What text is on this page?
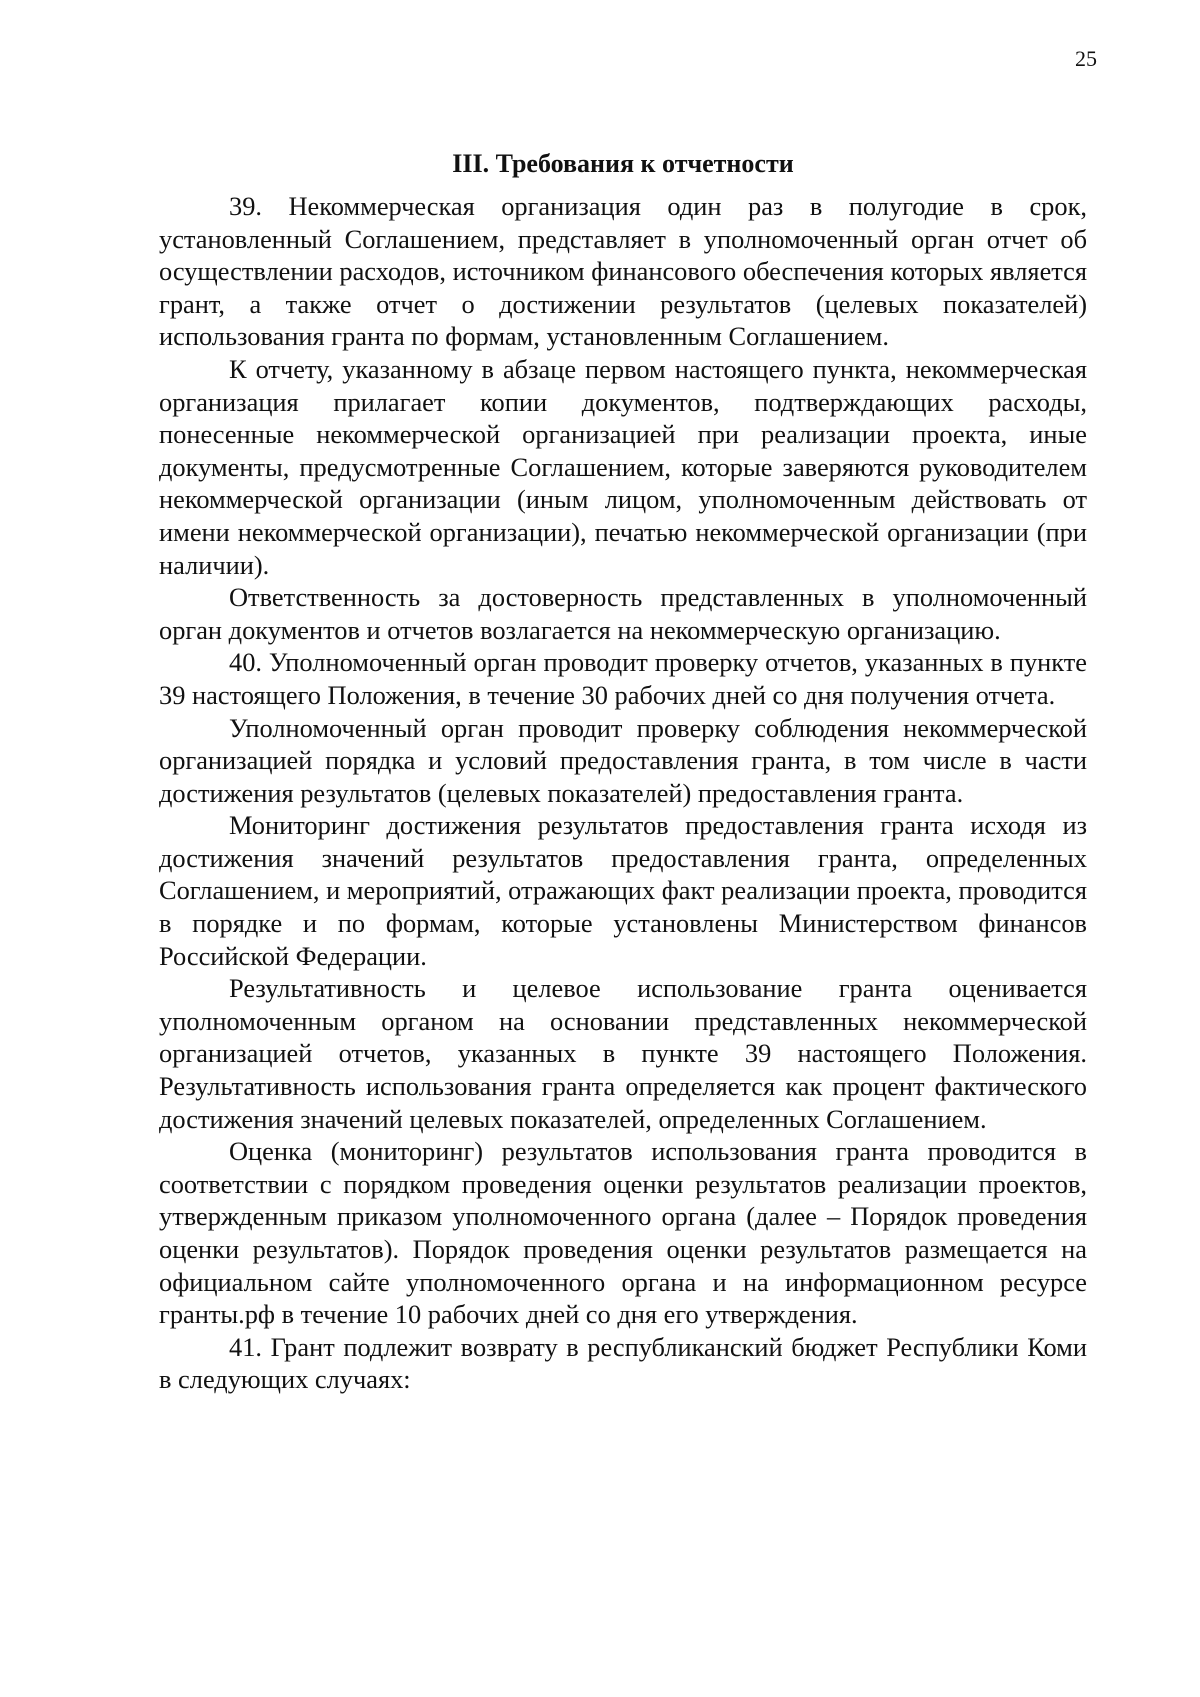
25
III. Требования к отчетности

39. Некоммерческая организация один раз в полугодие в срок, установленный Соглашением, представляет в уполномоченный орган отчет об осуществлении расходов, источником финансового обеспечения которых является грант, а также отчет о достижении результатов (целевых показателей) использования гранта по формам, установленным Соглашением.

К отчету, указанному в абзаце первом настоящего пункта, некоммерческая организация прилагает копии документов, подтверждающих расходы, понесенные некоммерческой организацией при реализации проекта, иные документы, предусмотренные Соглашением, которые заверяются руководителем некоммерческой организации (иным лицом, уполномоченным действовать от имени некоммерческой организации), печатью некоммерческой организации (при наличии).

Ответственность за достоверность представленных в уполномоченный орган документов и отчетов возлагается на некоммерческую организацию.

40. Уполномоченный орган проводит проверку отчетов, указанных в пункте 39 настоящего Положения, в течение 30 рабочих дней со дня получения отчета.

Уполномоченный орган проводит проверку соблюдения некоммерческой организацией порядка и условий предоставления гранта, в том числе в части достижения результатов (целевых показателей) предоставления гранта.

Мониторинг достижения результатов предоставления гранта исходя из достижения значений результатов предоставления гранта, определенных Соглашением, и мероприятий, отражающих факт реализации проекта, проводится в порядке и по формам, которые установлены Министерством финансов Российской Федерации.

Результативность и целевое использование гранта оценивается уполномоченным органом на основании представленных некоммерческой организацией отчетов, указанных в пункте 39 настоящего Положения. Результативность использования гранта определяется как процент фактического достижения значений целевых показателей, определенных Соглашением.

Оценка (мониторинг) результатов использования гранта проводится в соответствии с порядком проведения оценки результатов реализации проектов, утвержденным приказом уполномоченного органа (далее – Порядок проведения оценки результатов). Порядок проведения оценки результатов размещается на официальном сайте уполномоченного органа и на информационном ресурсе гранты.рф в течение 10 рабочих дней со дня его утверждения.

41. Грант подлежит возврату в республиканский бюджет Республики Коми в следующих случаях:
